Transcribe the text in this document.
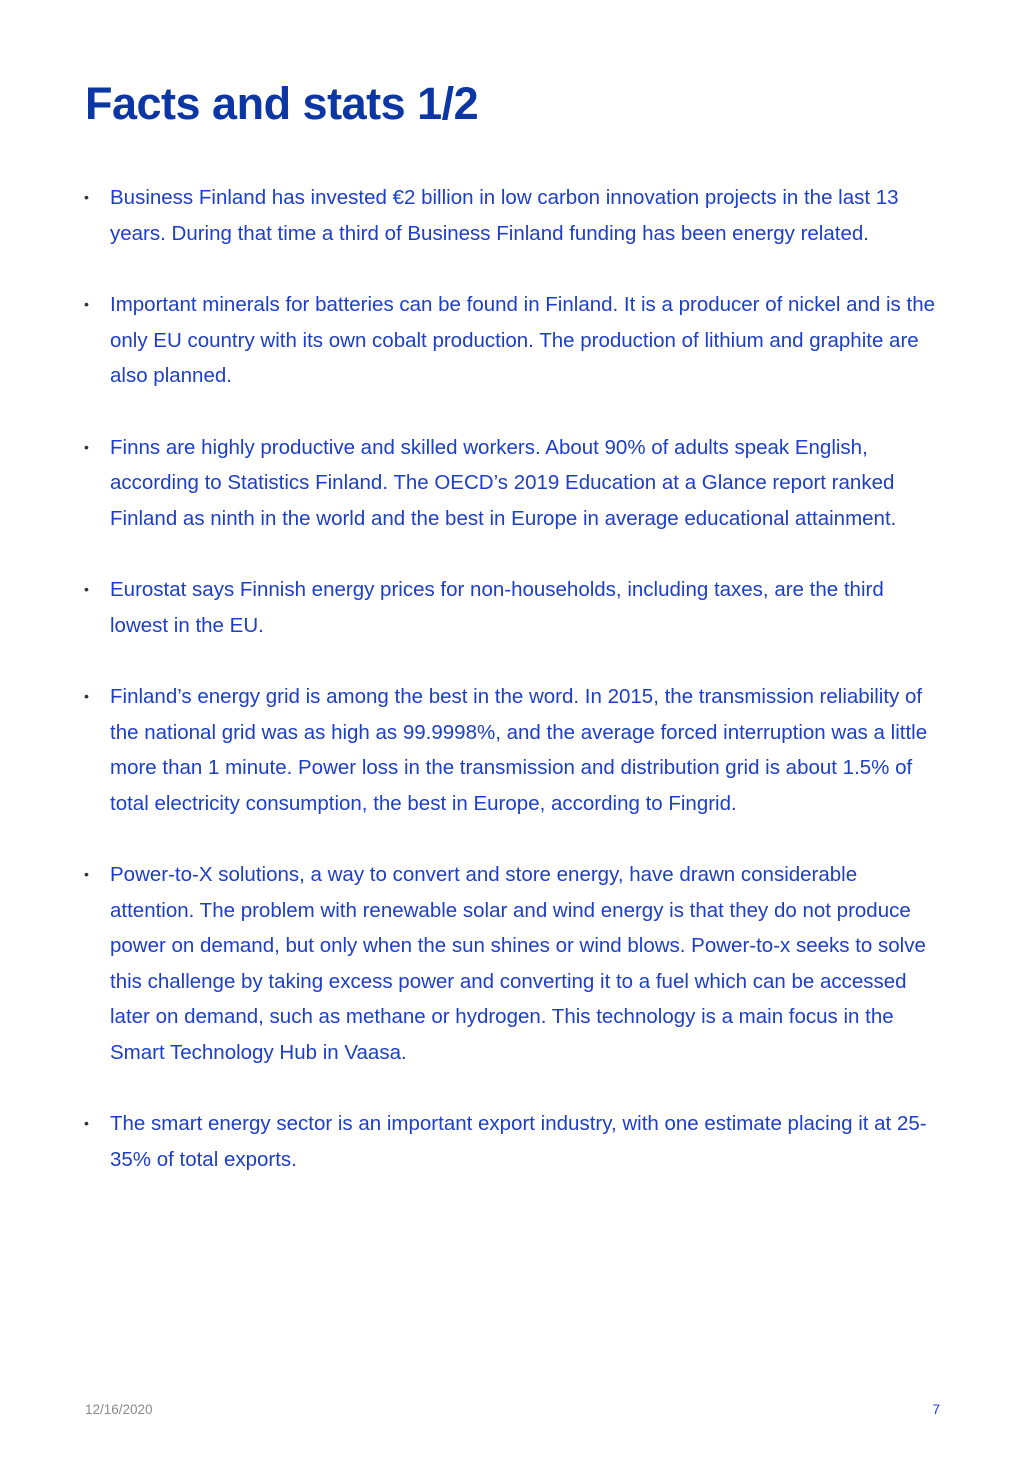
Facts and stats 1/2
• Business Finland has invested €2 billion in low carbon innovation projects in the last 13 years. During that time a third of Business Finland funding has been energy related.
• Important minerals for batteries can be found in Finland. It is a producer of nickel and is the only EU country with its own cobalt production. The production of lithium and graphite are also planned.
• Finns are highly productive and skilled workers. About 90% of adults speak English, according to Statistics Finland. The OECD’s 2019 Education at a Glance report ranked Finland as ninth in the world and the best in Europe in average educational attainment.
• Eurostat says Finnish energy prices for non-households, including taxes, are the third lowest in the EU.
• Finland’s energy grid is among the best in the word. In 2015, the transmission reliability of the national grid was as high as 99.9998%, and the average forced interruption was a little more than 1 minute. Power loss in the transmission and distribution grid is about 1.5% of total electricity consumption, the best in Europe, according to Fingrid.
• Power-to-X solutions, a way to convert and store energy, have drawn considerable attention. The problem with renewable solar and wind energy is that they do not produce power on demand, but only when the sun shines or wind blows. Power-to-x seeks to solve this challenge by taking excess power and converting it to a fuel which can be accessed later on demand, such as methane or hydrogen. This technology is a main focus in the Smart Technology Hub in Vaasa.
• The smart energy sector is an important export industry, with one estimate placing it at 25-35% of total exports.
12/16/2020	7
